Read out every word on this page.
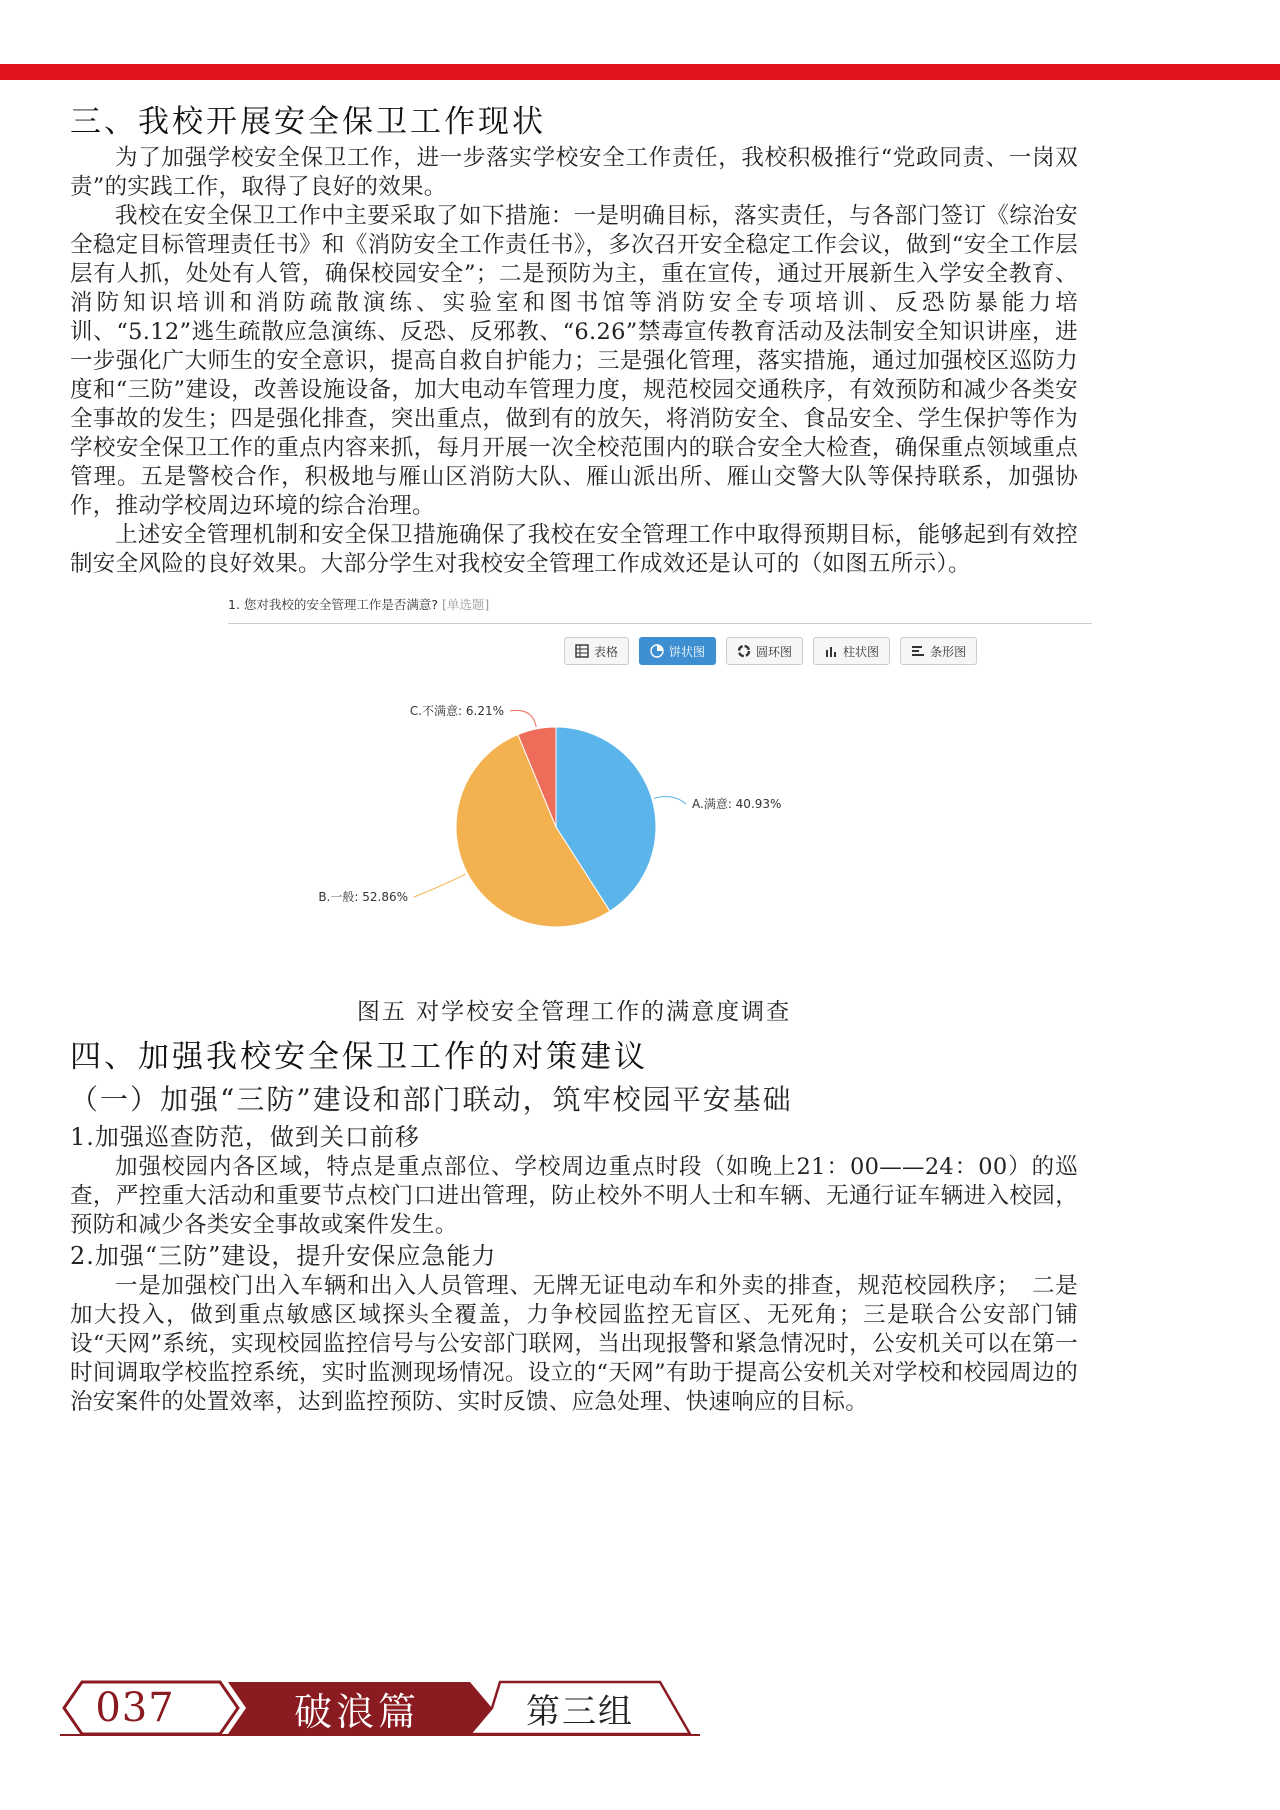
三、我校开展安全保卫工作现状

为了加强学校安全保卫工作，进一步落实学校安全工作责任，我校积极推行“党政同责、一岗双责”的实践工作，取得了良好的效果。

我校在安全保卫工作中主要采取了如下措施：一是明确目标，落实责任，与各部门签订《综治安全稳定目标管理责任书》和《消防安全工作责任书》，多次召开安全稳定工作会议，做到“安全工作层层有人抓，处处有人管，确保校园安全”；二是预防为主，重在宣传，通过开展新生入学安全教育、消防知识培训和消防疏散演练、实验室和图书馆等消防安全专项培训、反恐防暴能力培训、“5.12”逃生疏散应急演练、反恐、反邪教、“6.26”禁毒宣传教育活动及法制安全知识讲座，进一步强化广大师生的安全意识，提高自救自护能力；三是强化管理，落实措施，通过加强校区巡防力度和“三防”建设，改善设施设备，加大电动车管理力度，规范校园交通秩序，有效预防和减少各类安全事故的发生；四是强化排查，突出重点，做到有的放矢，将消防安全、食品安全、学生保护等作为学校安全保卫工作的重点内容来抓，每月开展一次全校范围内的联合安全大检查，确保重点领域重点管理。五是警校合作，积极地与雁山区消防大队、雁山派出所、雁山交警大队等保持联系，加强协作，推动学校周边环境的综合治理。

上述安全管理机制和安全保卫措施确保了我校在安全管理工作中取得预期目标，能够起到有效控制安全风险的良好效果。大部分学生对我校安全管理工作成效还是认可的（如图五所示）。

1. 您对我校的安全管理工作是否满意? [单选题]
表格	饼状图	圆环图	柱状图	条形图
A.满意: 40.93%
B.一般: 52.86%
C.不满意: 6.21%
图五 对学校安全管理工作的满意度调查
四、加强我校安全保卫工作的对策建议
（一）加强“三防”建设和部门联动，筑牢校园平安基础
1.加强巡查防范，做到关口前移

加强校园内各区域，特点是重点部位、学校周边重点时段（如晚上21：00——24：00）的巡查，严控重大活动和重要节点校门口进出管理，防止校外不明人士和车辆、无通行证车辆进入校园，预防和减少各类安全事故或案件发生。

2.加强“三防”建设，提升安保应急能力

一是加强校门出入车辆和出入人员管理、无牌无证电动车和外卖的排查，规范校园秩序；　二是加大投入，做到重点敏感区域探头全覆盖，力争校园监控无盲区、无死角；三是联合公安部门铺设“天网”系统，实现校园监控信号与公安部门联网，当出现报警和紧急情况时，公安机关可以在第一时间调取学校监控系统，实时监测现场情况。设立的“天网”有助于提高公安机关对学校和校园周边的治安案件的处置效率，达到监控预防、实时反馈、应急处理、快速响应的目标。

037	破浪篇	第三组
